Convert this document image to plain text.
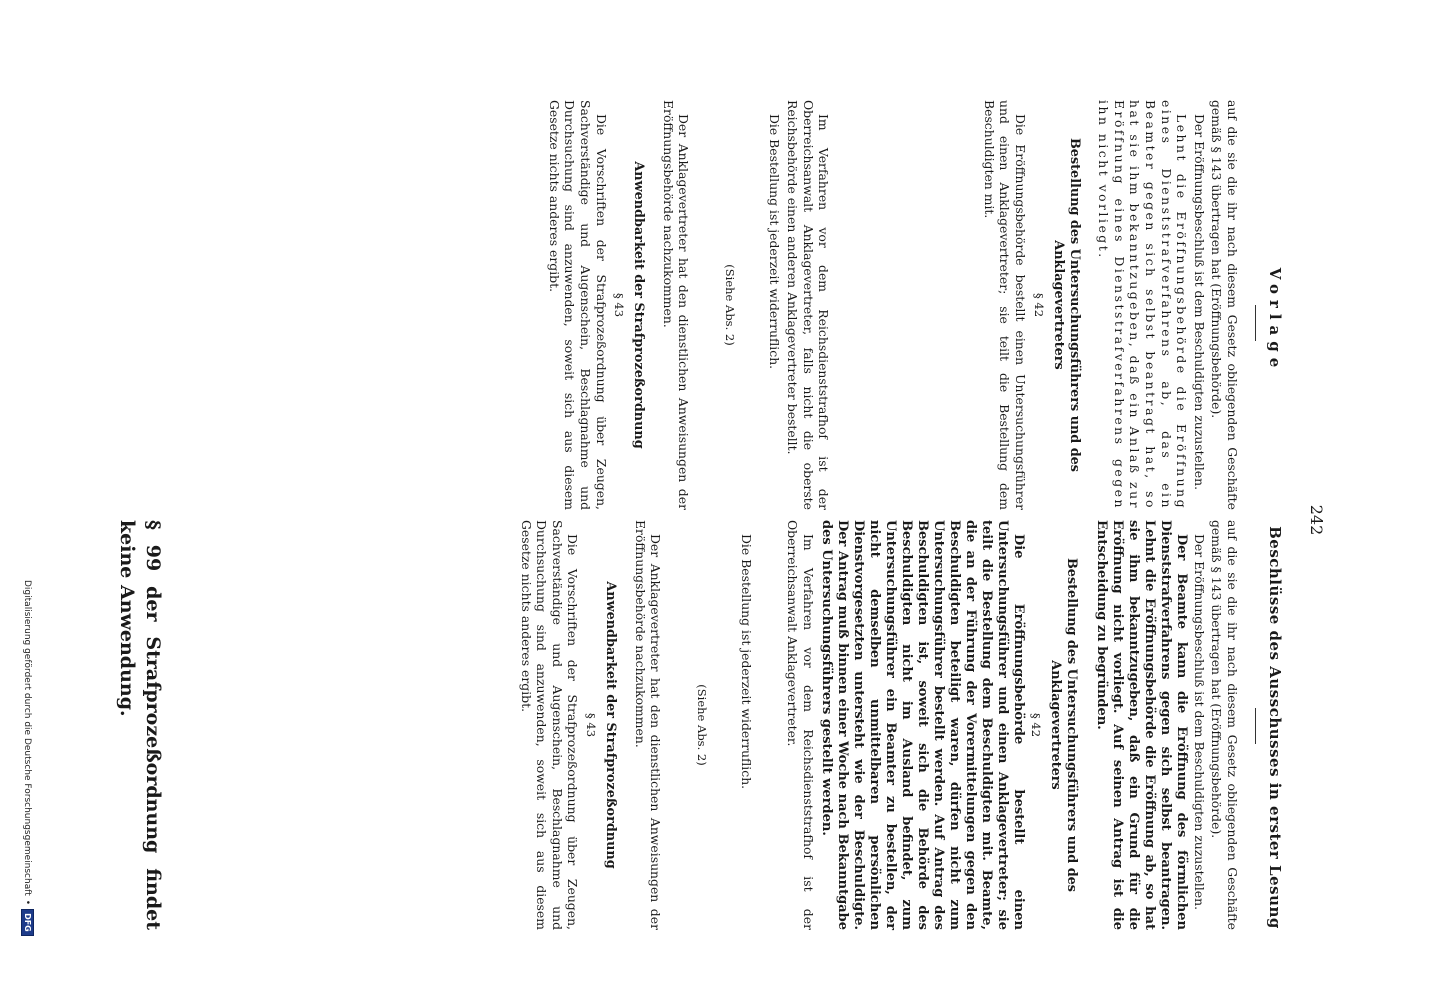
242
Vorlage
Beschlüsse des Ausschusses in erster Lesung

auf die sie die ihr nach diesem Gesetz obliegenden Geschäfte gemäß § 143 übertragen hat (Eröffnungsbehörde).

Der Eröffnungsbeschluß ist dem Beschuldigten zuzustellen.

Lehnt die Eröffnungsbehörde die Eröffnung eines Dienststrafverfahrens ab, das ein Beamter gegen sich selbst beantragt hat, so hat sie ihm bekanntzugeben, daß ein Anlaß zur Eröffnung eines Dienststrafverfahrens gegen ihn nicht vorliegt.

Bestellung des Untersuchungsführers und des Anklagevertreters
§ 42

Die Eröffnungsbehörde bestellt einen Untersuchungsführer und einen Anklagevertreter; sie teilt die Bestellung dem Beschuldigten mit.

Im Verfahren vor dem Reichsdienststrafhof ist der Oberreichsanwalt Anklagevertreter, falls nicht die oberste Reichsbehörde einen anderen Anklagevertreter bestellt.

Die Bestellung ist jederzeit widerruflich.

(Siehe Abs. 2)

Der Anklagevertreter hat den dienstlichen Anweisungen der Eröffnungsbehörde nachzukommen.

Anwendbarkeit der Strafprozeßordnung
§ 43

Die Vorschriften der Strafprozeßordnung über Zeugen, Sachverständige und Augenschein, Beschlagnahme und Durchsuchung sind anzuwenden, soweit sich aus diesem Gesetze nichts anderes ergibt.

auf die sie die ihr nach diesem Gesetz obliegenden Geschäfte gemäß § 143 übertragen hat (Eröffnungsbehörde).

Der Eröffnungsbeschluß ist dem Beschuldigten zuzustellen.

Der Beamte kann die Eröffnung des förmlichen Dienststrafverfahrens gegen sich selbst beantragen. Lehnt die Eröffnungsbehörde die Eröffnung ab, so hat sie ihm bekanntzugeben, daß ein Grund für die Eröffnung nicht vorliegt. Auf seinen Antrag ist die Entscheidung zu begründen.

Bestellung des Untersuchungsführers und des Anklagevertreters
§ 42

Die Eröffnungsbehörde bestellt einen Untersuchungsführer und einen Anklagevertreter; sie teilt die Bestellung dem Beschuldigten mit. Beamte, die an der Führung der Vorermittelungen gegen den Beschuldigten beteiligt waren, dürfen nicht zum Untersuchungsführer bestellt werden. Auf Antrag des Beschuldigten ist, soweit sich die Behörde des Beschuldigten nicht im Ausland befindet, zum Untersuchungsführer ein Beamter zu bestellen, der nicht demselben unmittelbaren persönlichen Dienstvorgesetzten untersteht wie der Beschuldigte. Der Antrag muß binnen einer Woche nach Bekanntgabe des Untersuchungsführers gestellt werden.

Im Verfahren vor dem Reichsdienststrafhof ist der Oberreichsanwalt Anklagevertreter.

Die Bestellung ist jederzeit widerruflich.

(Siehe Abs. 2)

Der Anklagevertreter hat den dienstlichen Anweisungen der Eröffnungsbehörde nachzukommen.

Anwendbarkeit der Strafprozeßordnung
§ 43

Die Vorschriften der Strafprozeßordnung über Zeugen, Sachverständige und Augenschein, Beschlagnahme und Durchsuchung sind anzuwenden, soweit sich aus diesem Gesetze nichts anderes ergibt.

§ 99 der Strafprozeßordnung findet keine Anwendung.
Digitalisierung gefördert durch die Deutsche Forschungsgemeinschaft
•
DFG
